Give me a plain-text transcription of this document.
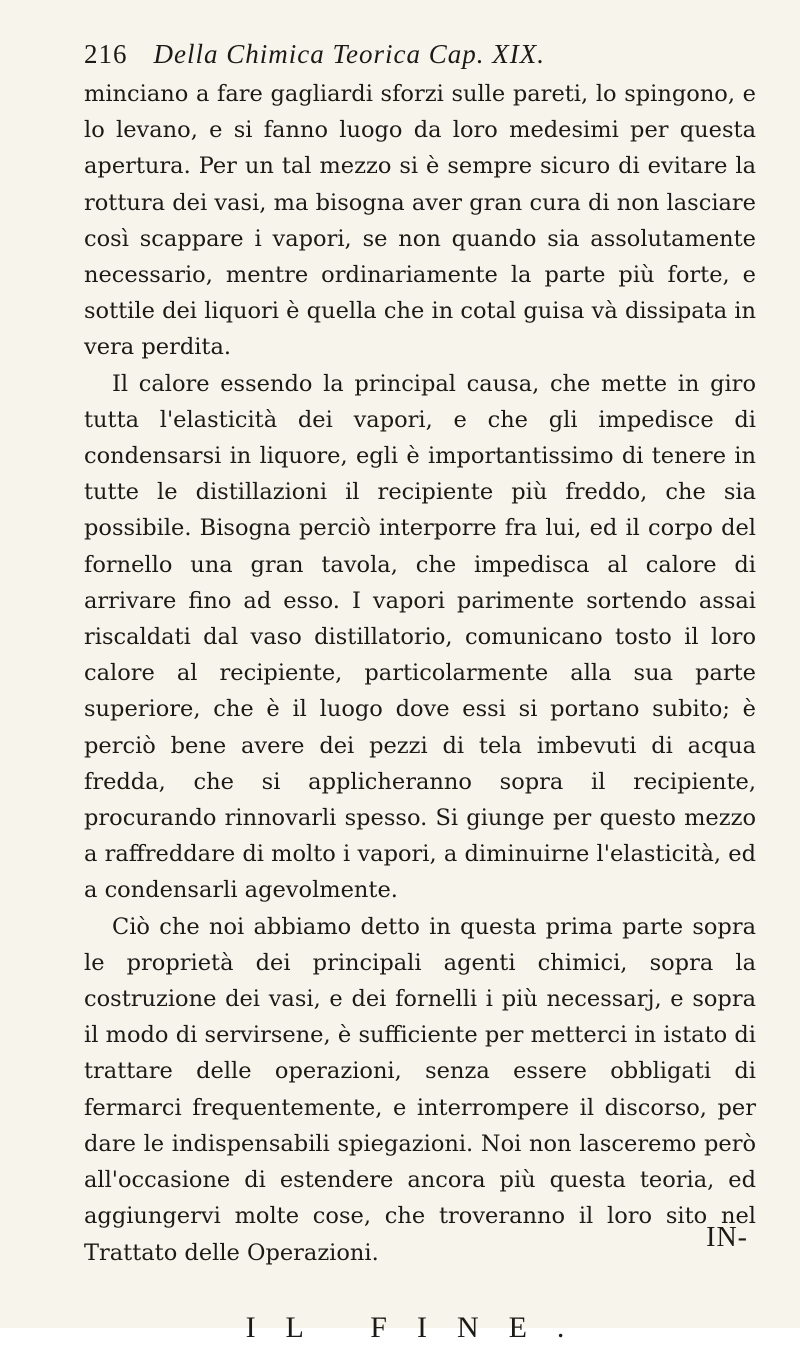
216 Della Chimica Teorica Cap. XIX.

minciano a fare gagliardi sforzi sulle pareti, lo spingono, e lo levano, e si fanno luogo da loro medesimi per questa apertura. Per un tal mezzo si è sempre sicuro di evitare la rottura dei vasi, ma bisogna aver gran cura di non lasciare così scappare i vapori, se non quando sia assolutamente necessario, mentre ordinariamente la parte più forte, e sottile dei liquori è quella che in cotal guisa và dissipata in vera perdita.

Il calore essendo la principal causa, che mette in giro tutta l'elasticità dei vapori, e che gli impedisce di condensarsi in liquore, egli è importantissimo di tenere in tutte le distillazioni il recipiente più freddo, che sia possibile. Bisogna perciò interporre fra lui, ed il corpo del fornello una gran tavola, che impedisca al calore di arrivare fino ad esso. I vapori parimente sortendo assai riscaldati dal vaso distillatorio, comunicano tosto il loro calore al recipiente, particolarmente alla sua parte superiore, che è il luogo dove essi si portano subito; è perciò bene avere dei pezzi di tela imbevuti di acqua fredda, che si applicheranno sopra il recipiente, procurando rinnovarli spesso. Si giunge per questo mezzo a raffreddare di molto i vapori, a diminuirne l'elasticità, ed a condensarli agevolmente.

Ciò che noi abbiamo detto in questa prima parte sopra le proprietà dei principali agenti chimici, sopra la costruzione dei vasi, e dei fornelli i più necessarj, e sopra il modo di servirsene, è sufficiente per metterci in istato di trattare delle operazioni, senza essere obbligati di fermarci frequentemente, e interrompere il discorso, per dare le indispensabili spiegazioni. Noi non lasceremo però all'occasione di estendere ancora più questa teoria, ed aggiungervi molte cose, che troveranno il loro sito nel Trattato delle Operazioni.

IL FINE.
IN-
